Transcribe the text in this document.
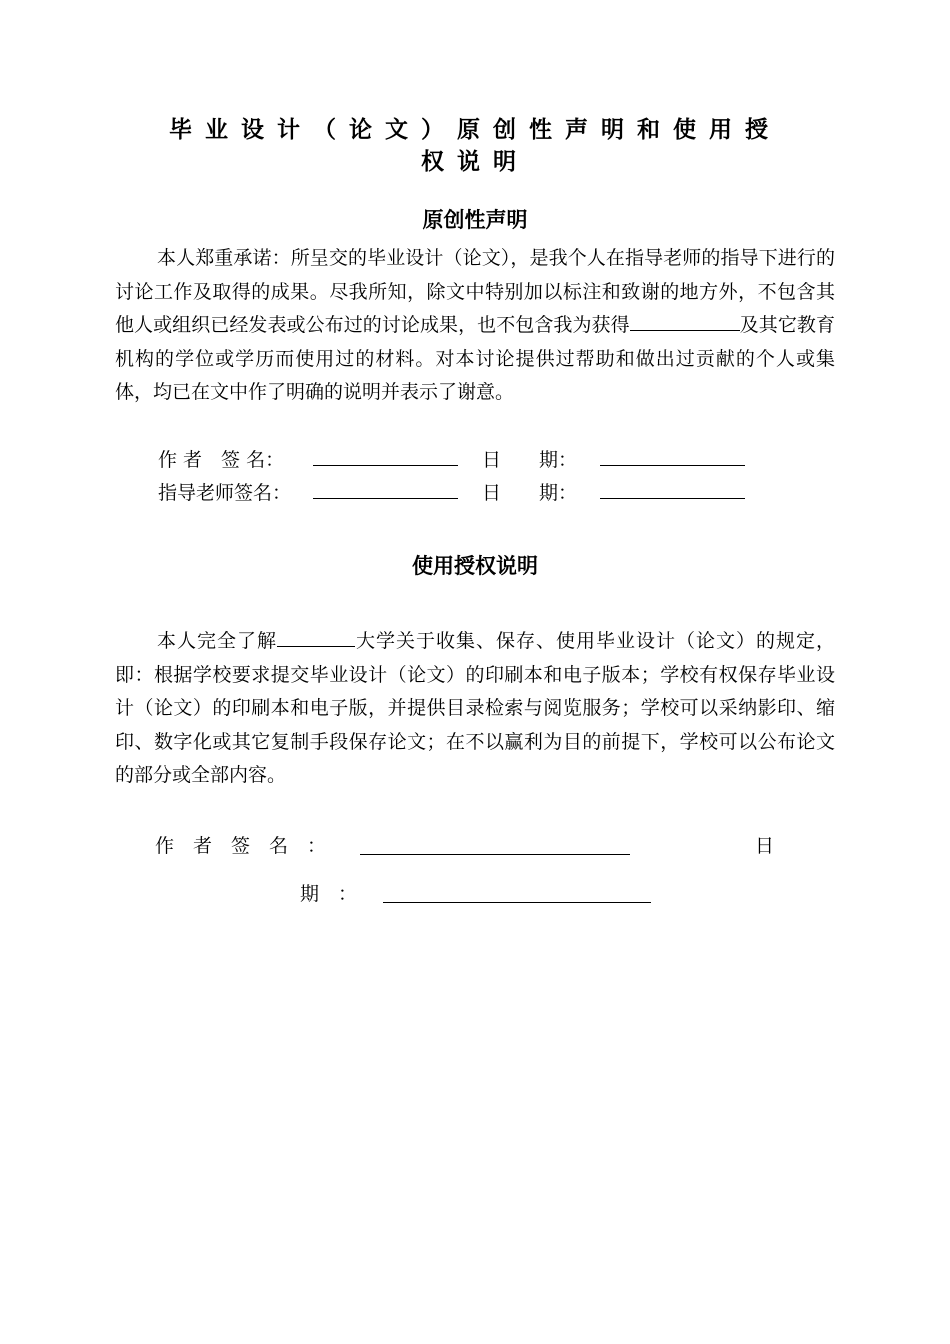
毕业设计（论文）原创性声明和使用授
权说明
原创性声明
本人郑重承诺：所呈交的毕业设计（论文），是我个人在指导老师的指导下进行的讨论工作及取得的成果。尽我所知，除文中特别加以标注和致谢的地方外，不包含其他人或组织已经发表或公布过的讨论成果，也不包含我为获得	及其它教育机构的学位或学历而使用过的材料。对本讨论提供过帮助和做出过贡献的个人或集体，均已在文中作了明确的说明并表示了谢意。
作 者　签 名：	日　　期：
指导老师签名：	日　　期：
使用授权说明
本人完全了解	大学关于收集、保存、使用毕业设计（论文）的规定，即：根据学校要求提交毕业设计（论文）的印刷本和电子版本；学校有权保存毕业设计（论文）的印刷本和电子版，并提供目录检索与阅览服务；学校可以采纳影印、缩印、数字化或其它复制手段保存论文；在不以赢利为目的前提下，学校可以公布论文的部分或全部内容。
作　者　签　名　：	日
期　：
